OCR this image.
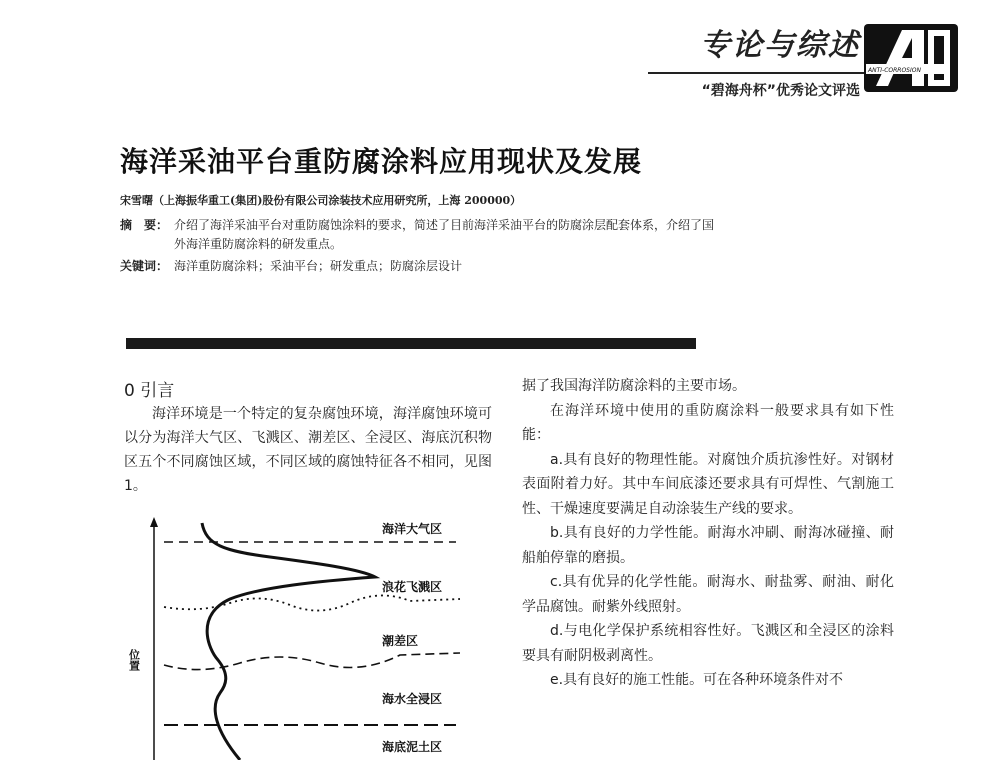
专论与综述
“碧海舟杯”优秀论文评选
ANTI-CORROSION
海洋采油平台重防腐涂料应用现状及发展
宋雪曙（上海振华重工(集团)股份有限公司涂装技术应用研究所，上海 200000）
摘　要： 介绍了海洋采油平台对重防腐蚀涂料的要求，简述了目前海洋采油平台的防腐涂层配套体系，介绍了国
外海洋重防腐涂料的研发重点。
关键词： 海洋重防腐涂料；采油平台；研发重点；防腐涂层设计
0 引言

海洋环境是一个特定的复杂腐蚀环境，海洋腐蚀环境可以分为海洋大气区、飞溅区、潮差区、全浸区、海底沉积物区五个不同腐蚀区域，不同区域的腐蚀特征各不相同，见图1。

位置
海洋大气区
浪花飞溅区
潮差区
海水全浸区
海底泥土区

据了我国海洋防腐涂料的主要市场。

在海洋环境中使用的重防腐涂料一般要求具有如下性能：

a.具有良好的物理性能。对腐蚀介质抗渗性好。对钢材表面附着力好。其中车间底漆还要求具有可焊性、气割施工性、干燥速度要满足自动涂装生产线的要求。

b.具有良好的力学性能。耐海水冲刷、耐海冰碰撞、耐船舶停靠的磨损。

c.具有优异的化学性能。耐海水、耐盐雾、耐油、耐化学品腐蚀。耐紫外线照射。

d.与电化学保护系统相容性好。飞溅区和全浸区的涂料要具有耐阴极剥离性。

e.具有良好的施工性能。可在各种环境条件对不
